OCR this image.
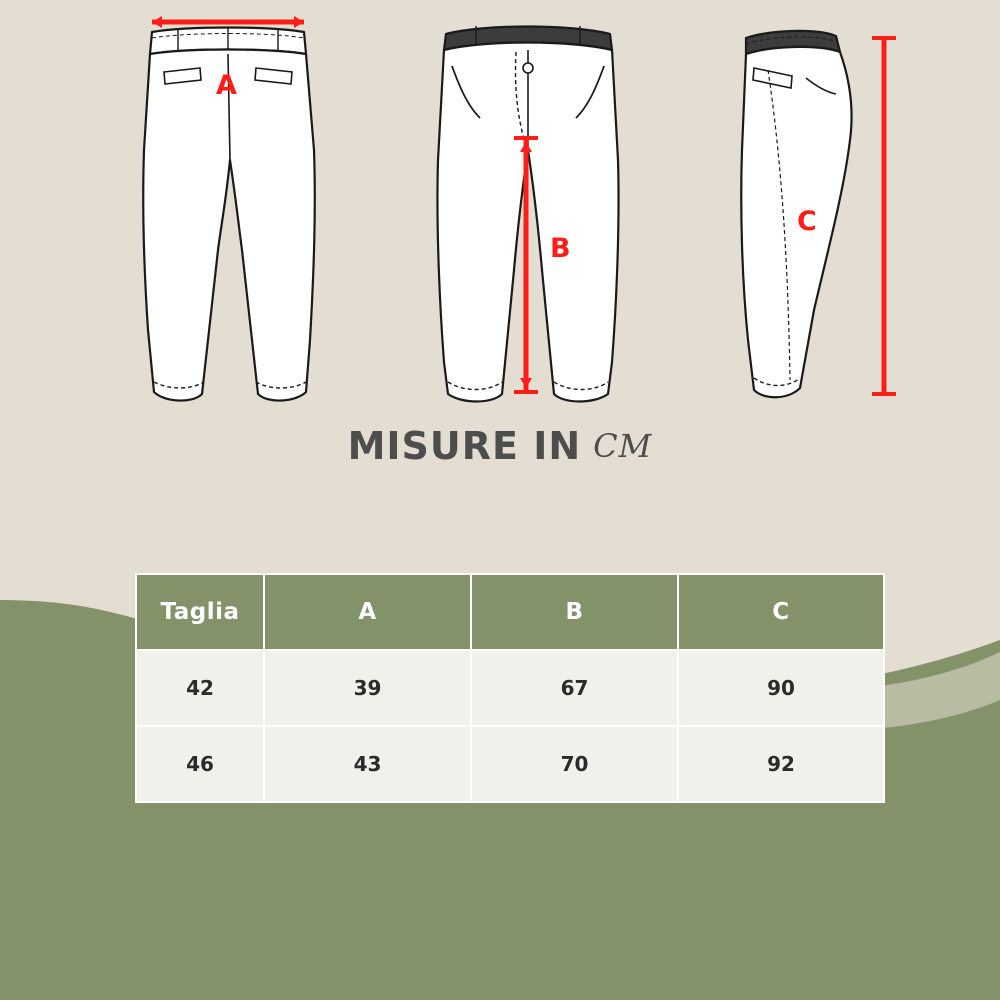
A
B
C
MISURE IN CM
Taglia	A	B	C
42	39	67	90
46	43	70	92
